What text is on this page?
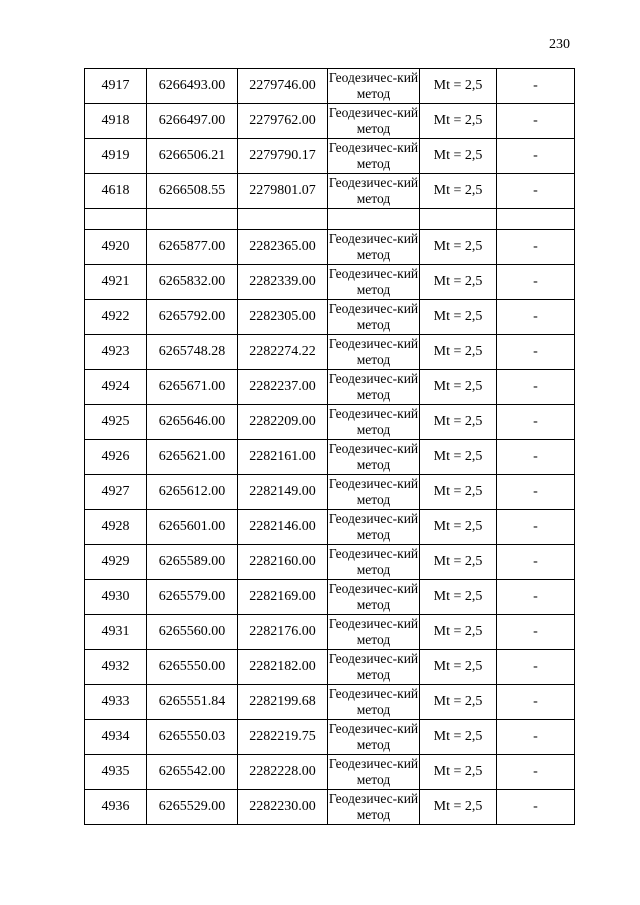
230
4917	6266493.00	2279746.00	Геодезичес-кий метод	Mt = 2,5	-
4918	6266497.00	2279762.00	Геодезичес-кий метод	Mt = 2,5	-
4919	6266506.21	2279790.17	Геодезичес-кий метод	Mt = 2,5	-
4618	6266508.55	2279801.07	Геодезичес-кий метод	Mt = 2,5	-

4920	6265877.00	2282365.00	Геодезичес-кий метод	Mt = 2,5	-
4921	6265832.00	2282339.00	Геодезичес-кий метод	Mt = 2,5	-
4922	6265792.00	2282305.00	Геодезичес-кий метод	Mt = 2,5	-
4923	6265748.28	2282274.22	Геодезичес-кий метод	Mt = 2,5	-
4924	6265671.00	2282237.00	Геодезичес-кий метод	Mt = 2,5	-
4925	6265646.00	2282209.00	Геодезичес-кий метод	Mt = 2,5	-
4926	6265621.00	2282161.00	Геодезичес-кий метод	Mt = 2,5	-
4927	6265612.00	2282149.00	Геодезичес-кий метод	Mt = 2,5	-
4928	6265601.00	2282146.00	Геодезичес-кий метод	Mt = 2,5	-
4929	6265589.00	2282160.00	Геодезичес-кий метод	Mt = 2,5	-
4930	6265579.00	2282169.00	Геодезичес-кий метод	Mt = 2,5	-
4931	6265560.00	2282176.00	Геодезичес-кий метод	Mt = 2,5	-
4932	6265550.00	2282182.00	Геодезичес-кий метод	Mt = 2,5	-
4933	6265551.84	2282199.68	Геодезичес-кий метод	Mt = 2,5	-
4934	6265550.03	2282219.75	Геодезичес-кий метод	Mt = 2,5	-
4935	6265542.00	2282228.00	Геодезичес-кий метод	Mt = 2,5	-
4936	6265529.00	2282230.00	Геодезичес-кий метод	Mt = 2,5	-
